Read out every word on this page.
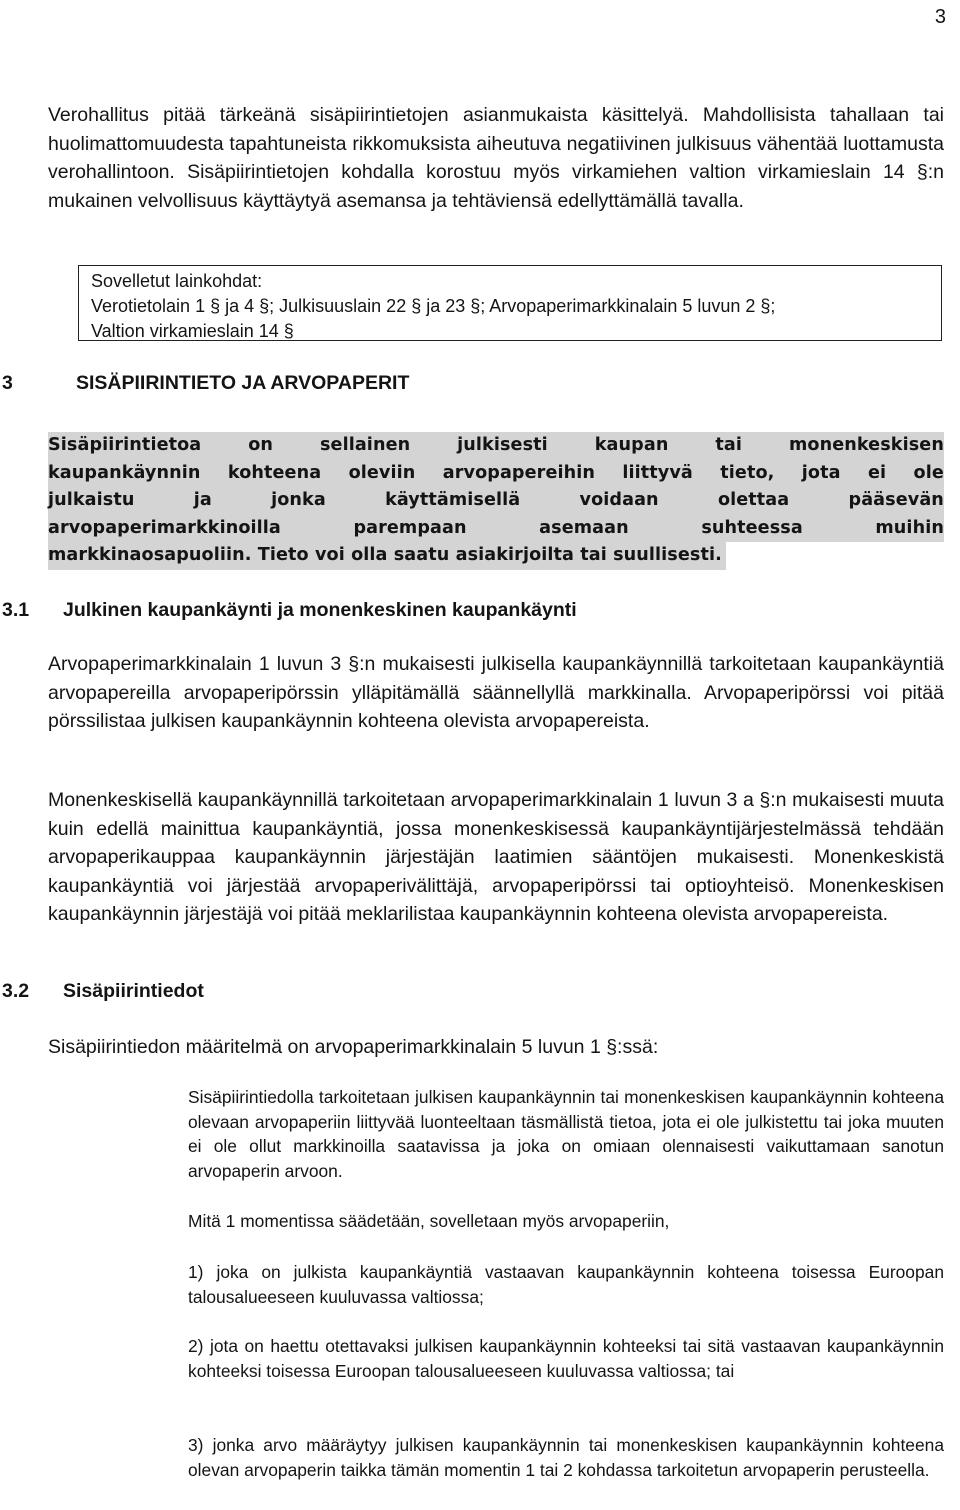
3

Verohallitus pitää tärkeänä sisäpiirintietojen asianmukaista käsittelyä. Mahdollisista tahallaan tai huolimattomuudesta tapahtuneista rikkomuksista aiheutuva negatiivinen julkisuus vähentää luottamusta verohallintoon. Sisäpiirintietojen kohdalla korostuu myös virkamiehen valtion virkamieslain 14 §:n mukainen velvollisuus käyttäytyä asemansa ja tehtäviensä edellyttämällä tavalla.

Sovelletut lainkohdat:
Verotietolain 1 § ja 4 §; Julkisuuslain 22 § ja 23 §; Arvopaperimarkkinalain 5 luvun 2 §;
Valtion virkamieslain 14 §
3	SISÄPIIRINTIETO JA ARVOPAPERIT
Sisäpiirintietoa	on	sellainen	julkisesti	kaupan	tai	monenkeskisen
kaupankäynnin kohteena oleviin arvopapereihin liittyvä tieto, jota ei ole
julkaistu	ja	jonka	käyttämisellä	voidaan	olettaa	pääsevän
arvopaperimarkkinoilla	parempaan	asemaan	suhteessa	muihin
markkinaosapuoliin. Tieto voi olla saatu asiakirjoilta tai suullisesti.
3.1 Julkinen kaupankäynti ja monenkeskinen kaupankäynti

Arvopaperimarkkinalain 1 luvun 3 §:n mukaisesti julkisella kaupankäynnillä tarkoitetaan kaupankäyntiä arvopapereilla arvopaperipörssin ylläpitämällä säännellyllä markkinalla. Arvopaperipörssi voi pitää pörssilistaa julkisen kaupankäynnin kohteena olevista arvopapereista.

Monenkeskisellä kaupankäynnillä tarkoitetaan arvopaperimarkkinalain 1 luvun 3 a §:n mukaisesti muuta kuin edellä mainittua kaupankäyntiä, jossa monenkeskisessä kaupankäyntijärjestelmässä tehdään arvopaperikauppaa kaupankäynnin järjestäjän laatimien sääntöjen mukaisesti. Monenkeskistä kaupankäyntiä voi järjestää arvopaperivälittäjä, arvopaperipörssi tai optioyhteisö. Monenkeskisen kaupankäynnin järjestäjä voi pitää meklarilistaa kaupankäynnin kohteena olevista arvopapereista.

3.2 Sisäpiirintiedot

Sisäpiirintiedon määritelmä on arvopaperimarkkinalain 5 luvun 1 §:ssä:

Sisäpiirintiedolla tarkoitetaan julkisen kaupankäynnin tai monenkeskisen kaupankäynnin kohteena olevaan arvopaperiin liittyvää luonteeltaan täsmällistä tietoa, jota ei ole julkistettu tai joka muuten ei ole ollut markkinoilla saatavissa ja joka on omiaan olennaisesti vaikuttamaan sanotun arvopaperin arvoon.

Mitä 1 momentissa säädetään, sovelletaan myös arvopaperiin,

1) joka on julkista kaupankäyntiä vastaavan kaupankäynnin kohteena toisessa Euroopan talousalueeseen kuuluvassa valtiossa;

2) jota on haettu otettavaksi julkisen kaupankäynnin kohteeksi tai sitä vastaavan kaupankäynnin kohteeksi toisessa Euroopan talousalueeseen kuuluvassa valtiossa; tai

3) jonka arvo määräytyy julkisen kaupankäynnin tai monenkeskisen kaupankäynnin kohteena olevan arvopaperin taikka tämän momentin 1 tai 2 kohdassa tarkoitetun arvopaperin perusteella.
